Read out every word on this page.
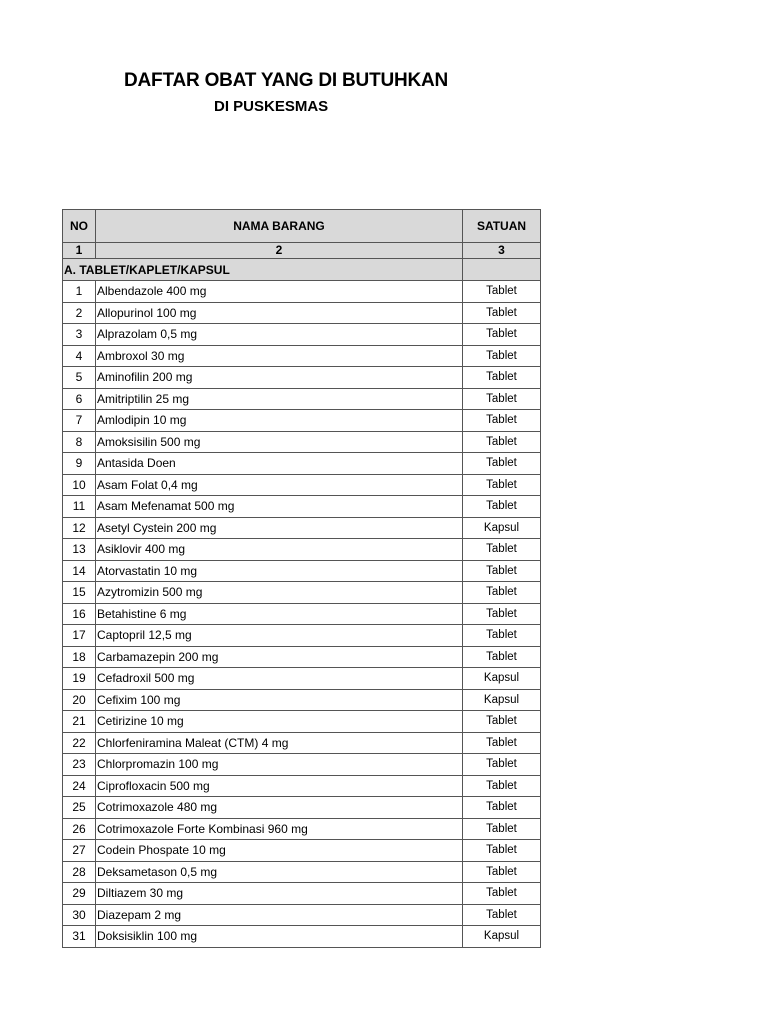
DAFTAR OBAT YANG DI BUTUHKAN
DI PUSKESMAS
NO	NAMA BARANG	SATUAN
1	2	3
A. TABLET/KAPLET/KAPSUL		
1	Albendazole 400 mg	Tablet
2	Allopurinol 100 mg	Tablet
3	Alprazolam 0,5 mg	Tablet
4	Ambroxol 30 mg	Tablet
5	Aminofilin 200 mg	Tablet
6	Amitriptilin 25 mg	Tablet
7	Amlodipin 10 mg	Tablet
8	Amoksisilin 500 mg	Tablet
9	Antasida Doen	Tablet
10	Asam Folat 0,4 mg	Tablet
11	Asam Mefenamat 500 mg	Tablet
12	Asetyl Cystein 200 mg	Kapsul
13	Asiklovir 400 mg	Tablet
14	Atorvastatin 10 mg	Tablet
15	Azytromizin 500 mg	Tablet
16	Betahistine 6 mg	Tablet
17	Captopril 12,5 mg	Tablet
18	Carbamazepin 200 mg	Tablet
19	Cefadroxil 500 mg	Kapsul
20	Cefixim 100 mg	Kapsul
21	Cetirizine 10 mg	Tablet
22	Chlorfeniramina Maleat (CTM) 4 mg	Tablet
23	Chlorpromazin 100 mg	Tablet
24	Ciprofloxacin 500 mg	Tablet
25	Cotrimoxazole 480 mg	Tablet
26	Cotrimoxazole Forte Kombinasi 960 mg	Tablet
27	Codein Phospate 10 mg	Tablet
28	Deksametason 0,5 mg	Tablet
29	Diltiazem 30 mg	Tablet
30	Diazepam 2 mg	Tablet
31	Doksisiklin 100 mg	Kapsul
